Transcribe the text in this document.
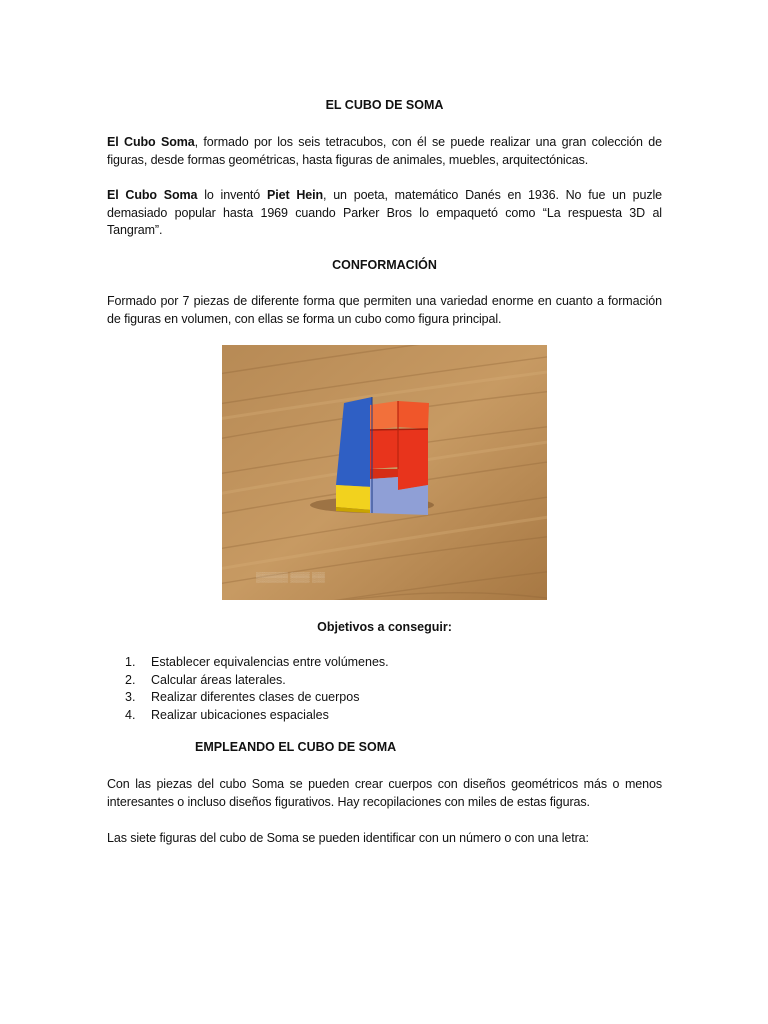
EL CUBO DE SOMA
El Cubo Soma, formado por los seis tetracubos, con él se puede realizar una gran colección de figuras, desde formas geométricas, hasta figuras de animales, muebles, arquitectónicas.
El Cubo Soma lo inventó Piet Hein, un poeta, matemático Danés en 1936. No fue un puzle demasiado popular hasta 1969 cuando Parker Bros lo empaquetó como “La respuesta 3D al Tangram”.
CONFORMACIÓN
Formado por 7 piezas de diferente forma que permiten una variedad enorme en cuanto a formación de figuras en volumen, con ellas se forma un cubo como figura principal.
Objetivos a conseguir:
1. Establecer equivalencias entre volúmenes.
2. Calcular áreas laterales.
3. Realizar diferentes clases de cuerpos
4. Realizar ubicaciones espaciales
EMPLEANDO EL CUBO DE SOMA
Con las piezas del cubo Soma se pueden crear cuerpos con diseños geométricos más o menos interesantes o incluso diseños figurativos. Hay recopilaciones con miles de estas figuras.
Las siete figuras del cubo de Soma se pueden identificar con un número o con una letra:
▒▒▒▒▒ ▒▒▒ ▒▒
